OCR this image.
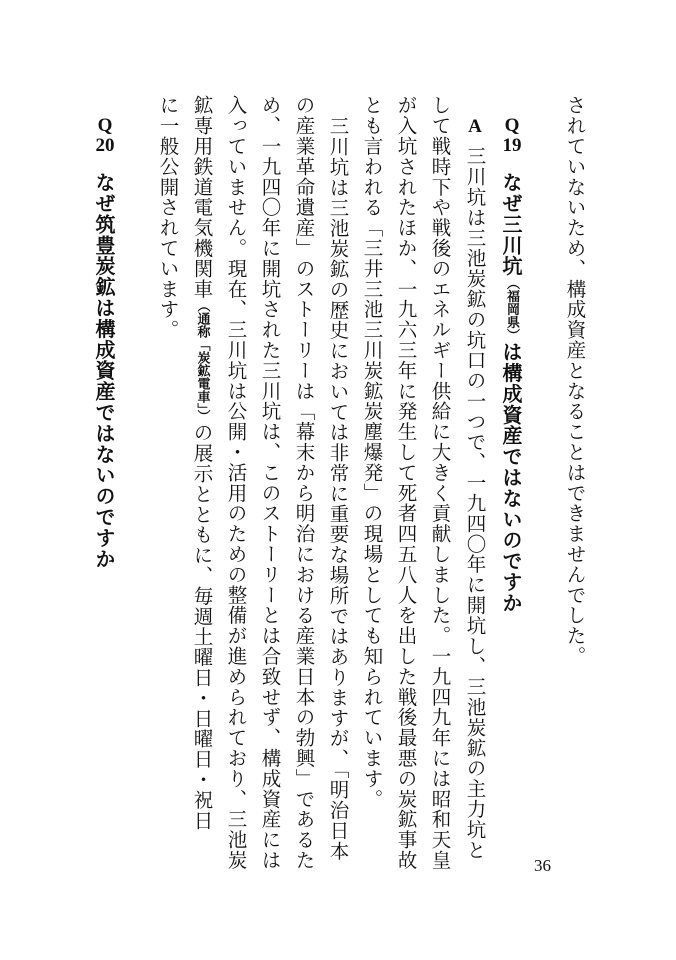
されていないため、構成資産となることはできませんでした。
Q
19
なぜ三川坑（福岡県）は構成資産ではないのですか
A
三川坑は三池炭鉱の坑口の一つで、一九四〇年に開坑し、三池炭鉱の主力坑と
して戦時下や戦後のエネルギー供給に大きく貢献しました。一九四九年には昭和天皇
が入坑されたほか、一九六三年に発生して死者四五八人を出した戦後最悪の炭鉱事故
とも言われる「三井三池三川炭鉱炭塵爆発」の現場としても知られています。
三川坑は三池炭鉱の歴史においては非常に重要な場所ではありますが、「明治日本
の産業革命遺産」のストーリーは「幕末から明治における産業日本の勃興」であるた
め、一九四〇年に開坑された三川坑は、このストーリーとは合致せず、構成資産には
入っていません。現在、三川坑は公開・活用のための整備が進められており、三池炭
鉱専用鉄道電気機関車（通称「炭鉱電車」）の展示とともに、毎週土曜日・日曜日・祝日
に一般公開されています。
Q
20
なぜ筑豊炭鉱は構成資産ではないのですか
36
